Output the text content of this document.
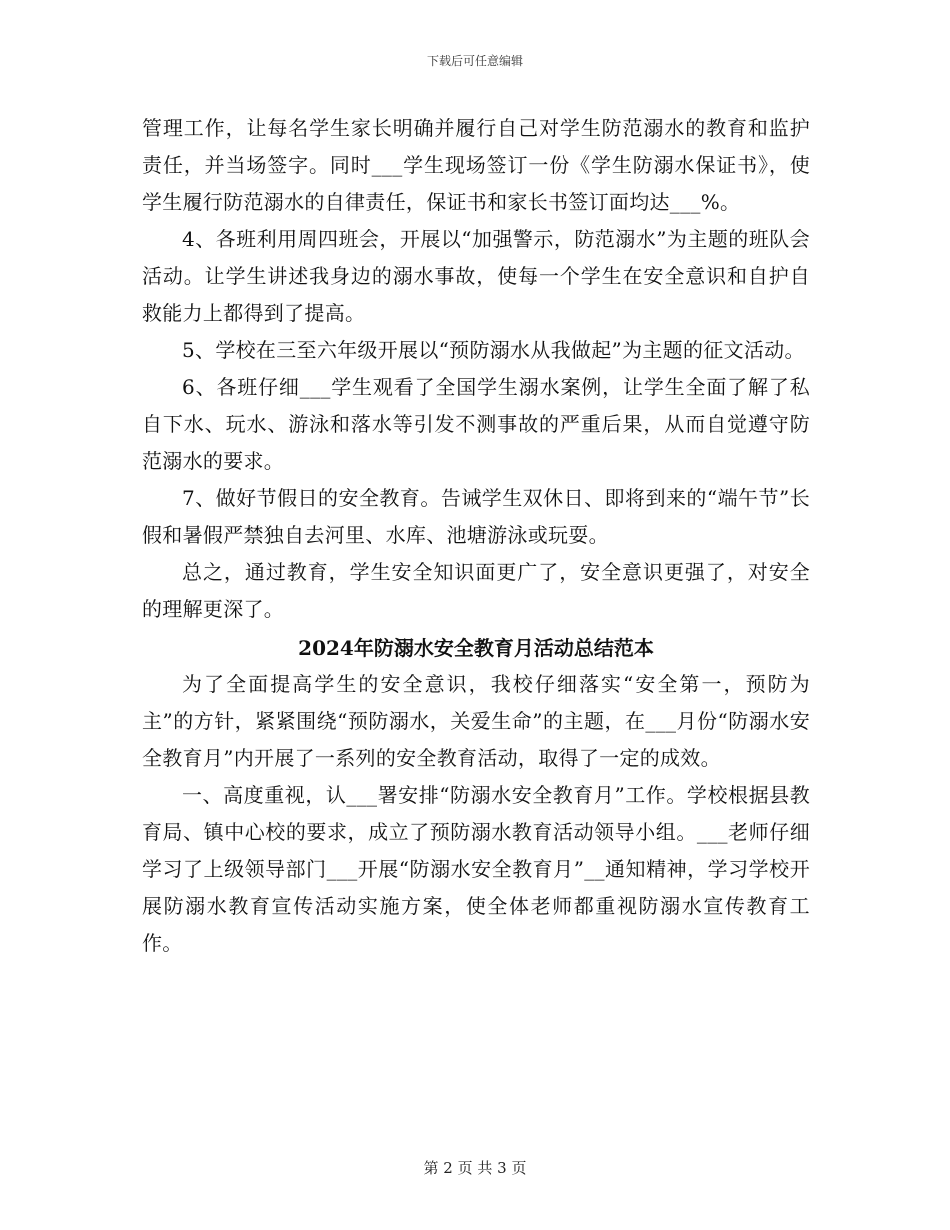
下载后可任意编辑

管理工作，让每名学生家长明确并履行自己对学生防范溺水的教育和监护责任，并当场签字。同时___学生现场签订一份《学生防溺水保证书》，使学生履行防范溺水的自律责任，保证书和家长书签订面均达___%。

4、各班利用周四班会，开展以“加强警示，防范溺水”为主题的班队会活动。让学生讲述我身边的溺水事故，使每一个学生在安全意识和自护自救能力上都得到了提高。

5、学校在三至六年级开展以“预防溺水从我做起”为主题的征文活动。

6、各班仔细___学生观看了全国学生溺水案例，让学生全面了解了私自下水、玩水、游泳和落水等引发不测事故的严重后果，从而自觉遵守防范溺水的要求。

7、做好节假日的安全教育。告诫学生双休日、即将到来的“端午节”长假和暑假严禁独自去河里、水库、池塘游泳或玩耍。

总之，通过教育，学生安全知识面更广了，安全意识更强了，对安全的理解更深了。

2024年防溺水安全教育月活动总结范本

为了全面提高学生的安全意识，我校仔细落实“安全第一，预防为主”的方针，紧紧围绕“预防溺水，关爱生命”的主题，在___月份“防溺水安全教育月”内开展了一系列的安全教育活动，取得了一定的成效。

一、高度重视，认___署安排“防溺水安全教育月”工作。学校根据县教育局、镇中心校的要求，成立了预防溺水教育活动领导小组。___老师仔细学习了上级领导部门___开展“防溺水安全教育月”__通知精神，学习学校开展防溺水教育宣传活动实施方案，使全体老师都重视防溺水宣传教育工作。

第 2 页 共 3 页
